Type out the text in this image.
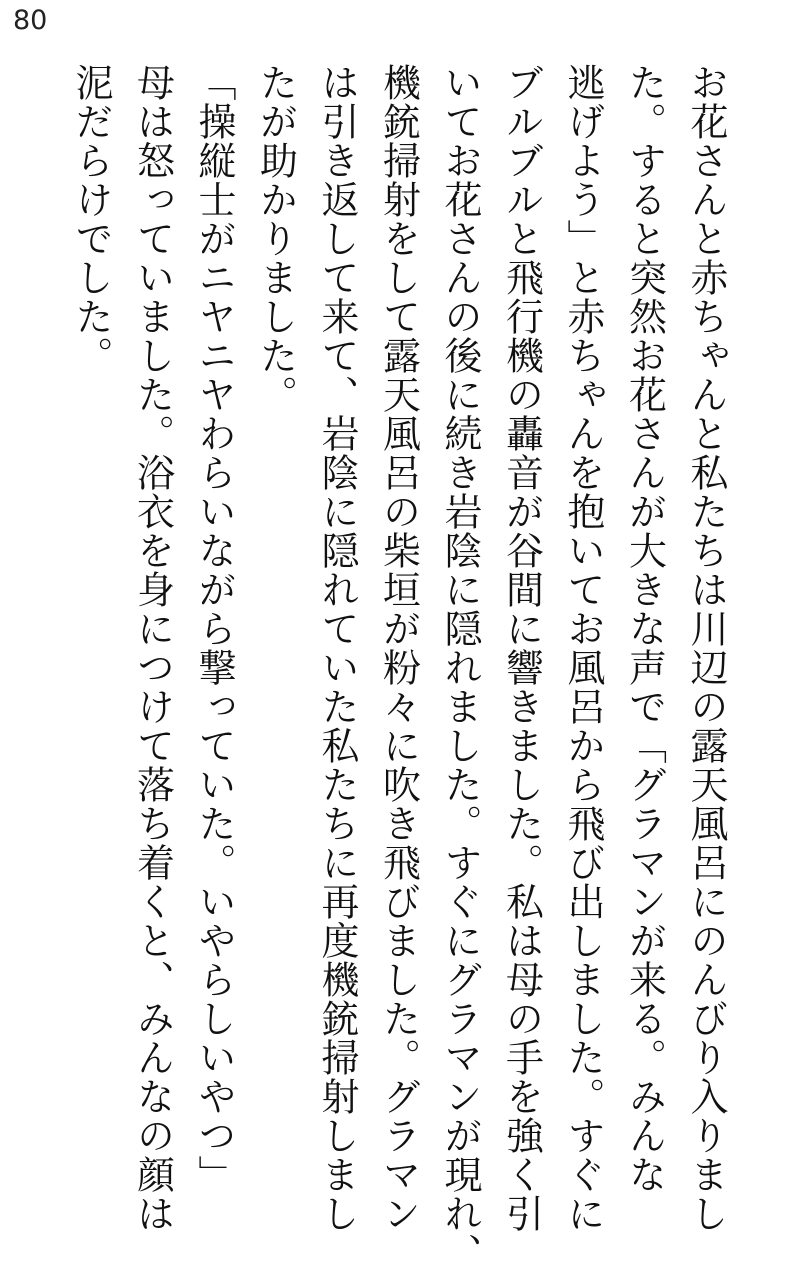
80
お花さんと赤ちゃんと私たちは川辺の露天風呂にのんびり入りまし
た。すると突然お花さんが大きな声で「グラマンが来る。みんな
逃げよう」と赤ちゃんを抱いてお風呂から飛び出しました。すぐに
ブルブルと飛行機の轟音が谷間に響きました。私は母の手を強く引
いてお花さんの後に続き岩陰に隠れました。すぐにグラマンが現れ、
機銃掃射をして露天風呂の柴垣が粉々に吹き飛びました。グラマン
は引き返して来て、岩陰に隠れていた私たちに再度機銃掃射しまし
たが助かりました。
「操縦士がニヤニヤわらいながら撃っていた。いやらしいやつ」
母は怒っていました。浴衣を身につけて落ち着くと、みんなの顔は
泥だらけでした。
